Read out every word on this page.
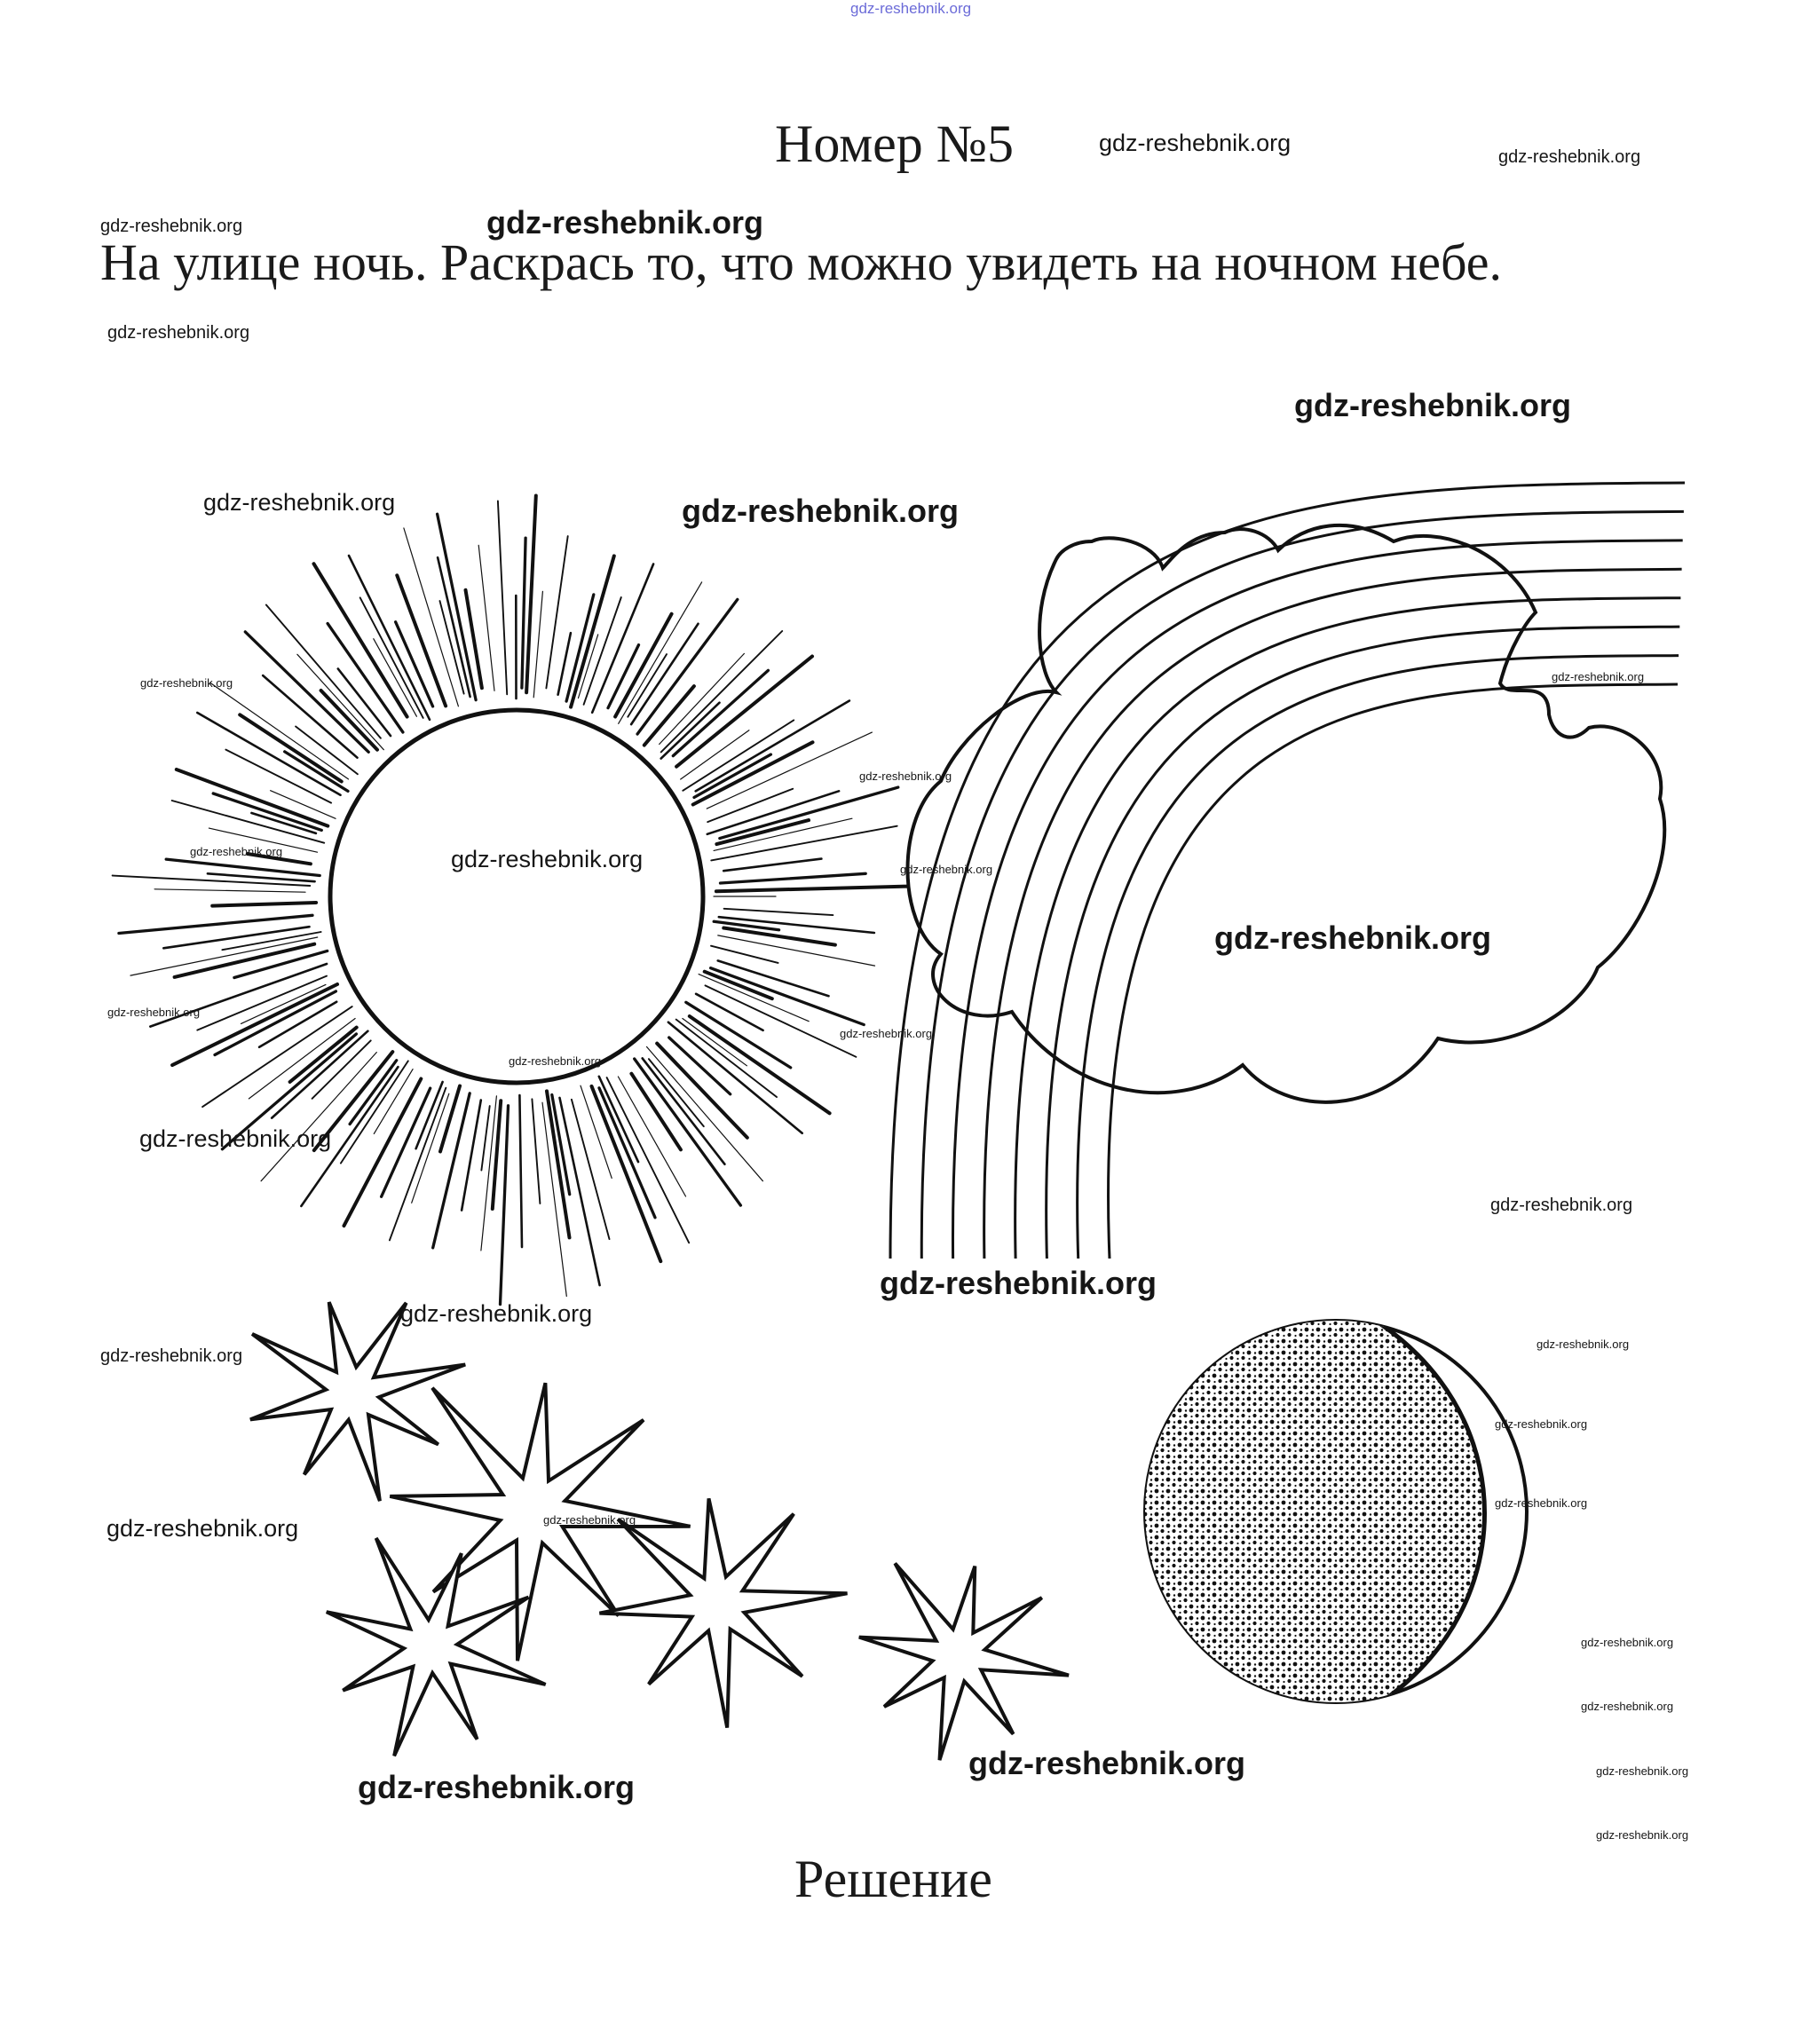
Номер №5
На улице ночь. Раскрась то, что можно увидеть на ночном небе.
Решение
gdz-reshebnik.org
gdz-reshebnik.org
gdz-reshebnik.org
gdz-reshebnik.org	gdz-reshebnik.org
gdz-reshebnik.org
gdz-reshebnik.org
gdz-reshebnik.org	gdz-reshebnik.org
gdz-reshebnik.org	gdz-reshebnik.org
gdz-reshebnik.org
gdz-reshebnik.org	gdz-reshebnik.org	gdz-reshebnik.org
gdz-reshebnik.org
gdz-reshebnik.org
gdz-reshebnik.org
gdz-reshebnik.org
gdz-reshebnik.org
gdz-reshebnik.org
gdz-reshebnik.org
gdz-reshebnik.org
gdz-reshebnik.org
gdz-reshebnik.org
gdz-reshebnik.org
gdz-reshebnik.org
gdz-reshebnik.org
gdz-reshebnik.org
gdz-reshebnik.org
gdz-reshebnik.org
gdz-reshebnik.org
gdz-reshebnik.org
gdz-reshebnik.org
gdz-reshebnik.org
